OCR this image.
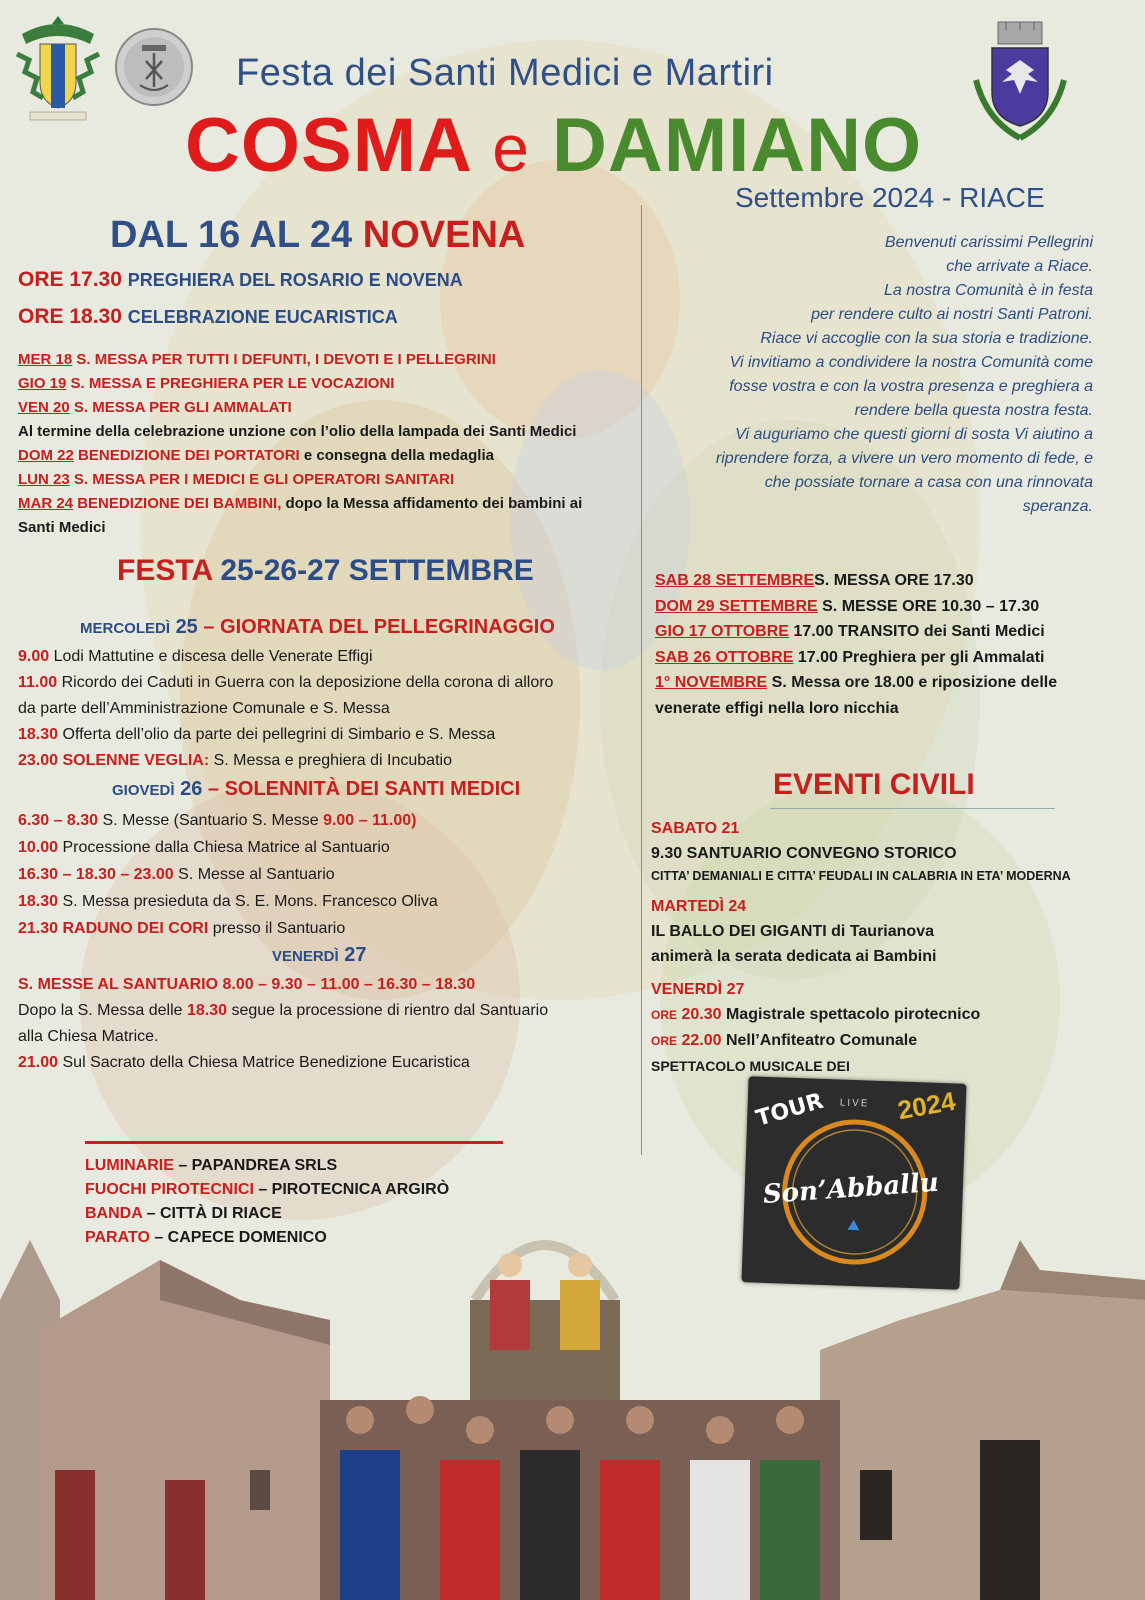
Festa dei Santi Medici e Martiri
COSMA e DAMIANO
Settembre 2024 - RIACE
DAL 16 AL 24 NOVENA
ORE 17.30 PREGHIERA DEL ROSARIO E NOVENA
ORE 18.30 CELEBRAZIONE EUCARISTICA
MER 18 S. MESSA PER TUTTI I DEFUNTI, I DEVOTI E I PELLEGRINI
GIO 19 S. MESSA E PREGHIERA PER LE VOCAZIONI
VEN 20 S. MESSA PER GLI AMMALATI
Al termine della celebrazione unzione con l’olio della lampada dei Santi Medici
DOM 22 BENEDIZIONE DEI PORTATORI e consegna della medaglia
LUN 23 S. MESSA PER I MEDICI E GLI OPERATORI SANITARI
MAR 24 BENEDIZIONE DEI BAMBINI, dopo la Messa affidamento dei bambini ai
Santi Medici
Benvenuti carissimi Pellegrini
che arrivate a Riace.
La nostra Comunità è in festa
per rendere culto ai nostri Santi Patroni.
Riace vi accoglie con la sua storia e tradizione.
Vi invitiamo a condividere la nostra Comunità come
fosse vostra e con la vostra presenza e preghiera a
rendere bella questa nostra festa.
Vi auguriamo che questi giorni di sosta Vi aiutino a
riprendere forza, a vivere un vero momento di fede, e
che possiate tornare a casa con una rinnovata
speranza.
FESTA 25-26-27 SETTEMBRE
MERCOLEDÌ 25 – GIORNATA DEL PELLEGRINAGGIO
9.00 Lodi Mattutine e discesa delle Venerate Effigi
11.00 Ricordo dei Caduti in Guerra con la deposizione della corona di alloro
da parte dell’Amministrazione Comunale e S. Messa
18.30 Offerta dell’olio da parte dei pellegrini di Simbario e S. Messa
23.00 SOLENNE VEGLIA: S. Messa e preghiera di Incubatio
GIOVEDÌ 26 – SOLENNITÀ DEI SANTI MEDICI
6.30 – 8.30 S. Messe (Santuario S. Messe 9.00 – 11.00)
10.00 Processione dalla Chiesa Matrice al Santuario
16.30 – 18.30 – 23.00 S. Messe al Santuario
18.30 S. Messa presieduta da S. E. Mons. Francesco Oliva
21.30 RADUNO DEI CORI presso il Santuario
VENERDÌ 27
S. MESSE AL SANTUARIO 8.00 – 9.30 – 11.00 – 16.30 – 18.30
Dopo la S. Messa delle 18.30 segue la processione di rientro dal Santuario
alla Chiesa Matrice.
21.00 Sul Sacrato della Chiesa Matrice Benedizione Eucaristica
SAB 28 SETTEMBRES. MESSA ORE 17.30
DOM 29 SETTEMBRE S. MESSE ORE 10.30 – 17.30
GIO 17 OTTOBRE 17.00 TRANSITO dei Santi Medici
SAB 26 OTTOBRE 17.00 Preghiera per gli Ammalati
1° NOVEMBRE S. Messa ore 18.00 e riposizione delle
venerate effigi nella loro nicchia
EVENTI CIVILI
SABATO 21
9.30 SANTUARIO CONVEGNO STORICO
CITTA’ DEMANIALI E CITTA’ FEUDALI IN CALABRIA IN ETA’ MODERNA
MARTEDÌ 24
IL BALLO DEI GIGANTI di Taurianova
animerà la serata dedicata ai Bambini
VENERDÌ 27
ORE 20.30 Magistrale spettacolo pirotecnico
ORE 22.00 Nell’Anfiteatro Comunale
SPETTACOLO MUSICALE DEI
TOUR LIVE 2024
Son’Abballu
LUMINARIE – PAPANDREA SRLS
FUOCHI PIROTECNICI – PIROTECNICA ARGIRÒ
BANDA – CITTÀ DI RIACE
PARATO – CAPECE DOMENICO
